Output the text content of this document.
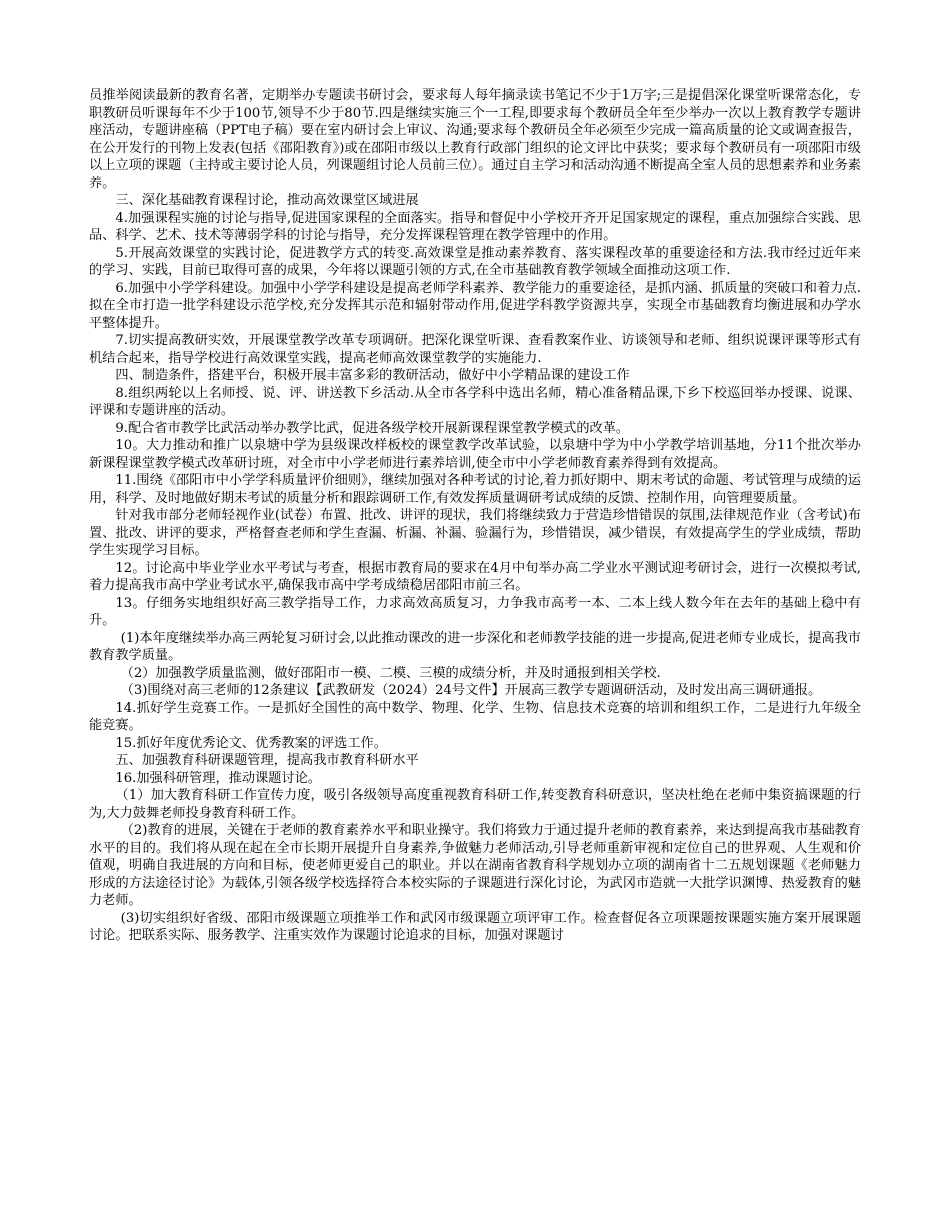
员推举阅读最新的教育名著，定期举办专题读书研讨会，要求每人每年摘录读书笔记不少于1万字;三是提倡深化课堂听课常态化，专职教研员听课每年不少于100节,领导不少于80节.四是继续实施三个一工程,即要求每个教研员全年至少举办一次以上教育教学专题讲座活动，专题讲座稿（PPT电子稿）要在室内研讨会上审议、沟通;要求每个教研员全年必须至少完成一篇高质量的论文或调查报告，在公开发行的刊物上发表(包括《邵阳教育》)或在邵阳市级以上教育行政部门组织的论文评比中获奖；要求每个教研员有一项邵阳市级以上立项的课题（主持或主要讨论人员，列课题组讨论人员前三位）。通过自主学习和活动沟通不断提高全室人员的思想素养和业务素养。

三、深化基础教育课程讨论，推动高效课堂区域进展

4.加强课程实施的讨论与指导,促进国家课程的全面落实。指导和督促中小学校开齐开足国家规定的课程，重点加强综合实践、思品、科学、艺术、技术等薄弱学科的讨论与指导，充分发挥课程管理在教学管理中的作用。

5.开展高效课堂的实践讨论，促进教学方式的转变.高效课堂是推动素养教育、落实课程改革的重要途径和方法.我市经过近年来的学习、实践，目前已取得可喜的成果，今年将以课题引领的方式,在全市基础教育教学领域全面推动这项工作.

6.加强中小学学科建设。加强中小学学科建设是提高老师学科素养、教学能力的重要途径，是抓内涵、抓质量的突破口和着力点.拟在全市打造一批学科建设示范学校,充分发挥其示范和辐射带动作用,促进学科教学资源共享，实现全市基础教育均衡进展和办学水平整体提升。

7.切实提高教研实效，开展课堂教学改革专项调研。把深化课堂听课、查看教案作业、访谈领导和老师、组织说课评课等形式有机结合起来，指导学校进行高效课堂实践，提高老师高效课堂教学的实施能力.

四、制造条件，搭建平台，积极开展丰富多彩的教研活动，做好中小学精品课的建设工作

8.组织两轮以上名师授、说、评、讲送教下乡活动.从全市各学科中选出名师，精心准备精品课,下乡下校巡回举办授课、说课、评课和专题讲座的活动。

9.配合省市教学比武活动举办教学比武，促进各级学校开展新课程课堂教学模式的改革。

10。大力推动和推广以泉塘中学为县级课改样板校的课堂教学改革试验，以泉塘中学为中小学教学培训基地，分11个批次举办新课程课堂教学模式改革研讨班，对全市中小学老师进行素养培训,使全市中小学老师教育素养得到有效提高。

11.围绕《邵阳市中小学学科质量评价细则》，继续加强对各种考试的讨论,着力抓好期中、期末考试的命题、考试管理与成绩的运用，科学、及时地做好期末考试的质量分析和跟踪调研工作,有效发挥质量调研考试成绩的反馈、控制作用，向管理要质量。

针对我市部分老师轻视作业(试卷）布置、批改、讲评的现状，我们将继续致力于营造珍惜错误的氛围,法律规范作业（含考试)布置、批改、讲评的要求，严格督查老师和学生查漏、析漏、补漏、验漏行为，珍惜错误，减少错误，有效提高学生的学业成绩，帮助学生实现学习目标。

12。讨论高中毕业学业水平考试与考查，根据市教育局的要求在4月中旬举办高二学业水平测试迎考研讨会，进行一次模拟考试,着力提高我市高中学业考试水平,确保我市高中学考成绩稳居邵阳市前三名。

13。仔细务实地组织好高三教学指导工作，力求高效高质复习，力争我市高考一本、二本上线人数今年在去年的基础上稳中有升。

(1)本年度继续举办高三两轮复习研讨会,以此推动课改的进一步深化和老师教学技能的进一步提高,促进老师专业成长，提高我市教育教学质量。

（2）加强教学质量监测，做好邵阳市一模、二模、三模的成绩分析，并及时通报到相关学校.

（3)围绕对高三老师的12条建议【武教研发（2024）24号文件】开展高三教学专题调研活动，及时发出高三调研通报。

14.抓好学生竞赛工作。一是抓好全国性的高中数学、物理、化学、生物、信息技术竞赛的培训和组织工作，二是进行九年级全能竞赛。

15.抓好年度优秀论文、优秀教案的评选工作。

五、加强教育科研课题管理，提高我市教育科研水平

16.加强科研管理，推动课题讨论。

（1）加大教育科研工作宣传力度，吸引各级领导高度重视教育科研工作,转变教育科研意识，坚决杜绝在老师中集资搞课题的行为,大力鼓舞老师投身教育科研工作。

（2)教育的进展，关键在于老师的教育素养水平和职业操守。我们将致力于通过提升老师的教育素养，来达到提高我市基础教育水平的目的。我们将从现在起在全市长期开展提升自身素养,争做魅力老师活动,引导老师重新审视和定位自己的世界观、人生观和价值观，明确自我进展的方向和目标，使老师更爱自己的职业。并以在湖南省教育科学规划办立项的湖南省十二五规划课题《老师魅力形成的方法途径讨论》为载体,引领各级学校选择符合本校实际的子课题进行深化讨论，为武冈市造就一大批学识渊博、热爱教育的魅力老师。

(3)切实组织好省级、邵阳市级课题立项推举工作和武冈市级课题立项评审工作。检查督促各立项课题按课题实施方案开展课题讨论。把联系实际、服务教学、注重实效作为课题讨论追求的目标，加强对课题讨
